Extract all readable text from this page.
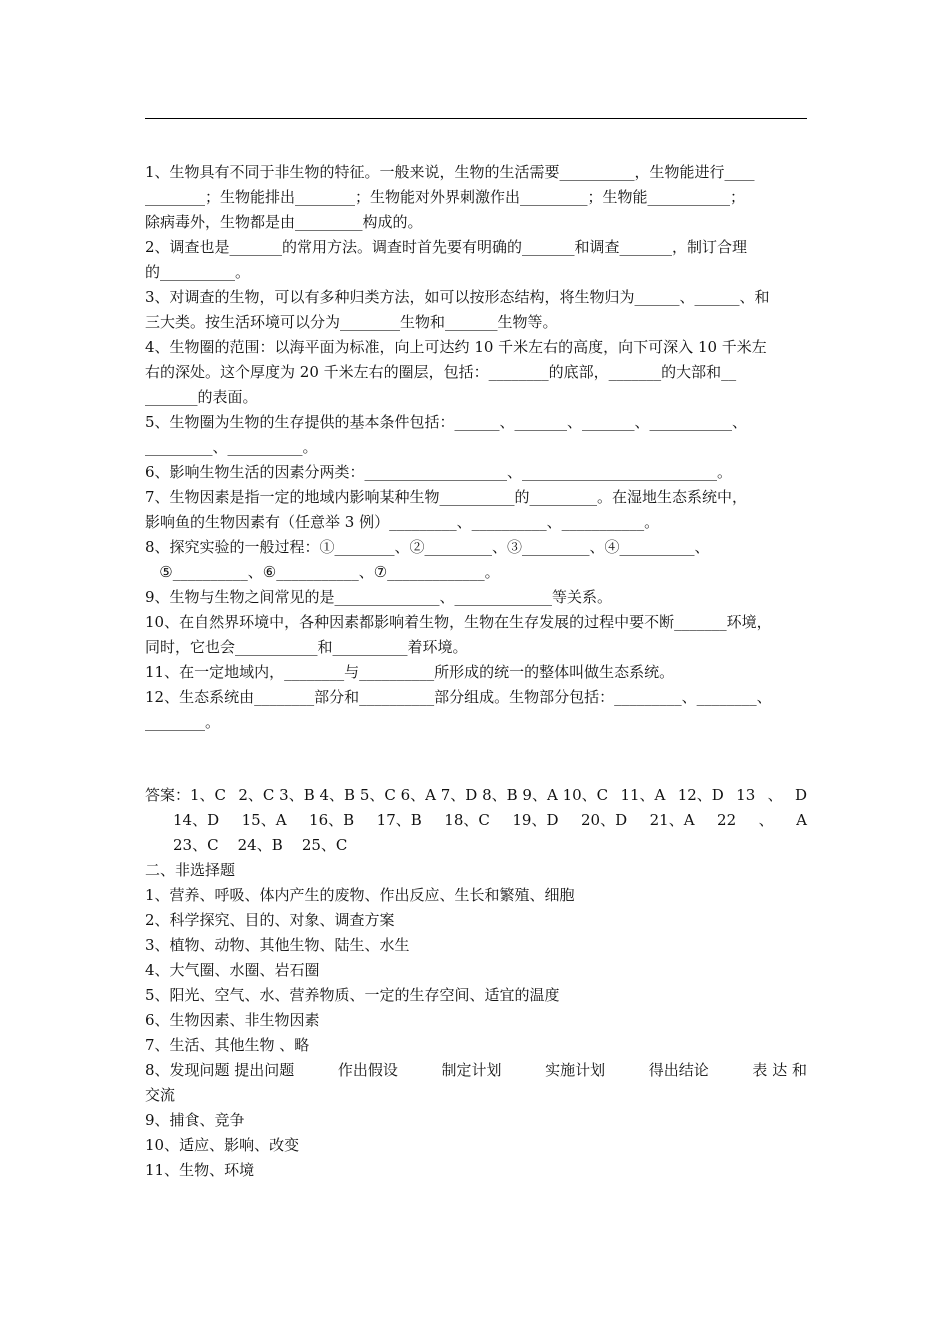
1、生物具有不同于非生物的特征。一般来说，生物的生活需要__________，生物能进行____
________；生物能排出________；生物能对外界刺激作出_________；生物能___________；
除病毒外，生物都是由_________构成的。
2、调查也是_______的常用方法。调查时首先要有明确的_______和调查_______，制订合理
的__________。
3、对调查的生物，可以有多种归类方法，如可以按形态结构，将生物归为______、______、和
三大类。按生活环境可以分为________生物和_______生物等。
4、生物圈的范围：以海平面为标准，向上可达约 10 千米左右的高度，向下可深入 10 千米左
右的深处。这个厚度为 20 千米左右的圈层，包括：________的底部，_______的大部和__
_______的表面。
5、生物圈为生物的生存提供的基本条件包括：______、_______、_______、___________、
_________、__________。
6、影响生物生活的因素分两类：___________________、__________________________。
7、生物因素是指一定的地域内影响某种生物__________的_________。在湿地生态系统中，
影响鱼的生物因素有（任意举 3 例）_________、__________、___________。
8、探究实验的一般过程：①________、②_________、③_________、④__________、
⑤__________、⑥___________、⑦_____________。
9、生物与生物之间常见的是______________、_____________等关系。
10、在自然界环境中，各种因素都影响着生物，生物在生存发展的过程中要不断_______环境，
同时，它也会___________和__________着环境。
11、在一定地域内，________与__________所形成的统一的整体叫做生态系统。
12、生态系统由________部分和__________部分组成。生物部分包括：_________、________、
________。
答案：1、C 2、C 3、B 4、B 5、C 6、A 7、D 8、B 9、A 10、C 11、A 12、D 13 、 D
14、D 15、A 16、B 17、B 18、C 19、D 20、D 21、A 22 、 A
23、C    24、B    25、C
二、非选择题
1、营养、呼吸、体内产生的废物、作出反应、生长和繁殖、细胞
2、科学探究、目的、对象、调查方案
3、植物、动物、其他生物、陆生、水生
4、大气圈、水圈、岩石圈
5、阳光、空气、水、营养物质、一定的生存空间、适宜的温度
6、生物因素、非生物因素
7、生活、其他生物 、略
8、发现问题 提出问题	作出假设	制定计划	实施计划	得出结论	表 达 和
交流
9、捕食、竞争
10、适应、影响、改变
11、生物、环境
